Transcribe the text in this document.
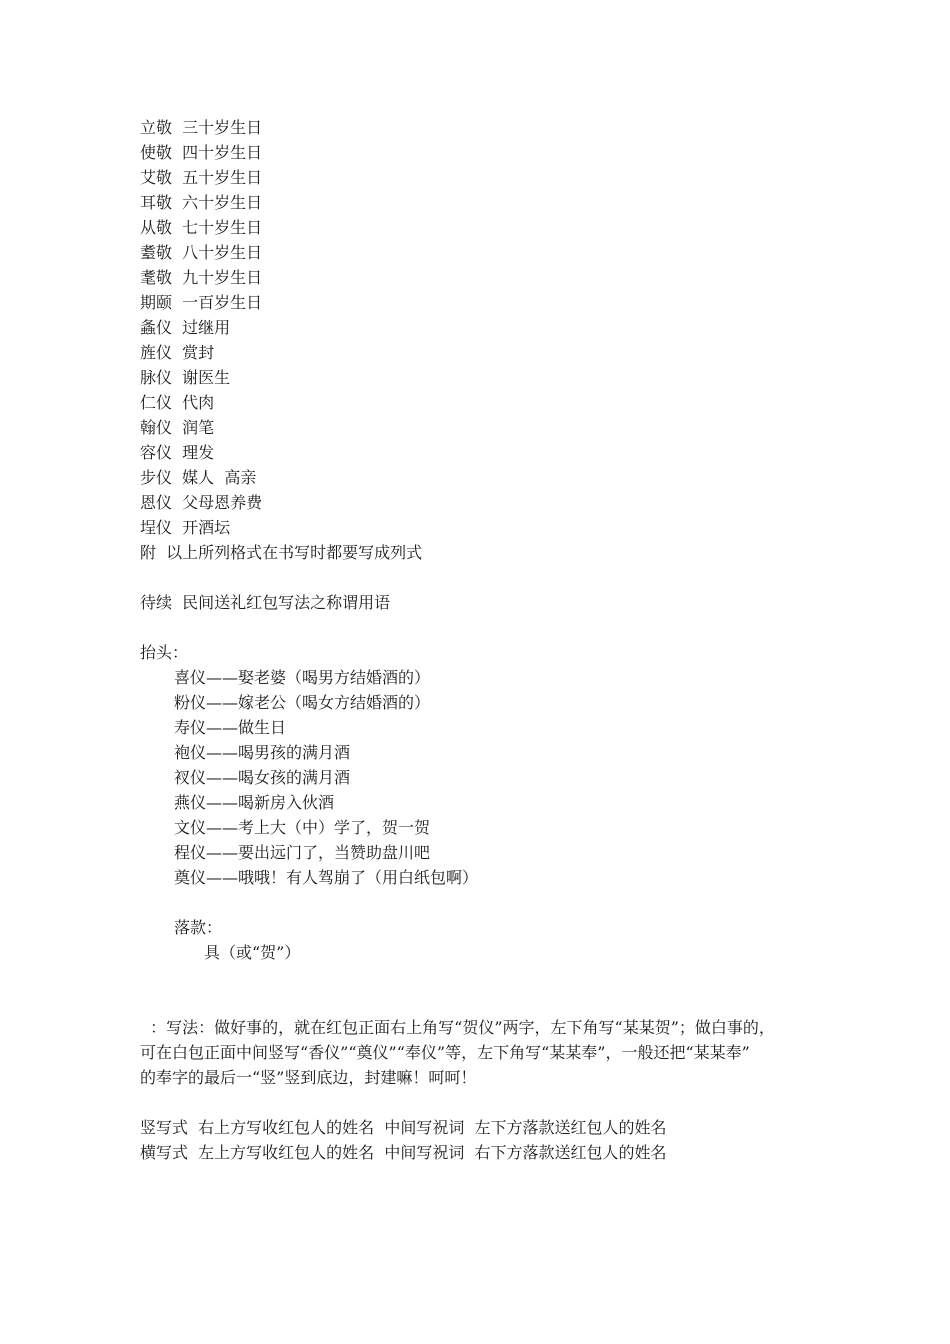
立敬  三十岁生日
使敬  四十岁生日
艾敬  五十岁生日
耳敬  六十岁生日
从敬  七十岁生日
耋敬  八十岁生日
耄敬  九十岁生日
期颐  一百岁生日
螽仪  过继用
旌仪  赏封
脉仪  谢医生
仁仪  代肉
翰仪  润笔
容仪  理发
步仪  媒人  高亲
恩仪  父母恩养费
埕仪  开酒坛
附  以上所列格式在书写时都要写成列式
待续  民间送礼红包写法之称谓用语
抬头：
喜仪——娶老婆（喝男方结婚酒的）
粉仪——嫁老公（喝女方结婚酒的）
寿仪——做生日
袍仪——喝男孩的满月酒
衩仪——喝女孩的满月酒
燕仪——喝新房入伙酒
文仪——考上大（中）学了，贺一贺
程仪——要出远门了，当赞助盘川吧
奠仪——哦哦！有人驾崩了（用白纸包啊）
落款：
具（或“贺”）
：写法：做好事的，就在红包正面右上角写“贺仪”两字，左下角写“某某贺”；做白事的，
可在白包正面中间竖写“香仪”“奠仪”“奉仪”等，左下角写“某某奉”，一般还把“某某奉”
的奉字的最后一“竖”竖到底边，封建嘛！呵呵！
竖写式  右上方写收红包人的姓名  中间写祝词  左下方落款送红包人的姓名
横写式  左上方写收红包人的姓名  中间写祝词  右下方落款送红包人的姓名
